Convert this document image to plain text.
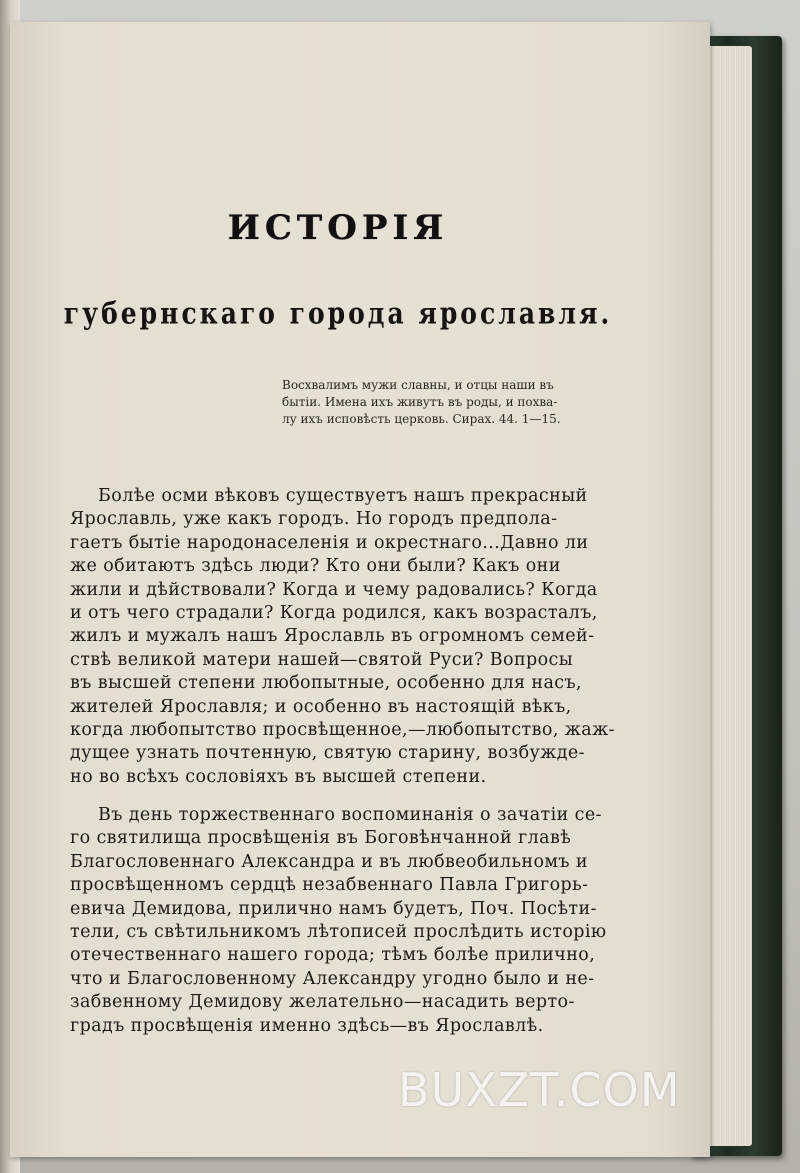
ИСТОРІЯ
губернскаго города ярославля.
Восхвалимъ мужи славны, и отцы наши въ
бытіи. Имена ихъ живутъ въ роды, и похва-
лу ихъ исповѣсть церковь. Сирах. 44. 1—15.
Болѣе осми вѣковъ существуетъ нашъ прекрасный
Ярославль, уже какъ городъ. Но городъ предпола-
гаетъ бытіе народонаселенія и окрестнаго...Давно ли
же обитаютъ здѣсь люди? Кто они были? Какъ они
жили и дѣйствовали? Когда и чему радовались? Когда
и отъ чего страдали? Когда родился, какъ возрасталъ,
жилъ и мужалъ нашъ Ярославль въ огромномъ семей-
ствѣ великой матери нашей—святой Руси? Вопросы
въ высшей степени любопытные, особенно для насъ,
жителей Ярославля; и особенно въ настоящій вѣкъ,
когда любопытство просвѣщенное,—любопытство, жаж-
дущее узнать почтенную, святую старину, возбужде-
но во всѣхъ сословіяхъ въ высшей степени.
Въ день торжественнаго воспоминанія о зачатіи се-
го святилища просвѣщенія въ Боговѣнчанной главѣ
Благословеннаго Александра и въ любвеобильномъ и
просвѣщенномъ сердцѣ незабвеннаго Павла Григорь-
евича Демидова, прилично намъ будетъ, Поч. Посѣти-
тели, съ свѣтильникомъ лѣтописей прослѣдить исторію
отечественнаго нашего города; тѣмъ болѣе прилично,
что и Благословенному Александру угодно было и не-
забвенному Демидову желательно—насадить верто-
градъ просвѣщенія именно здѣсь—въ Ярославлѣ.
BUXZT.COM
